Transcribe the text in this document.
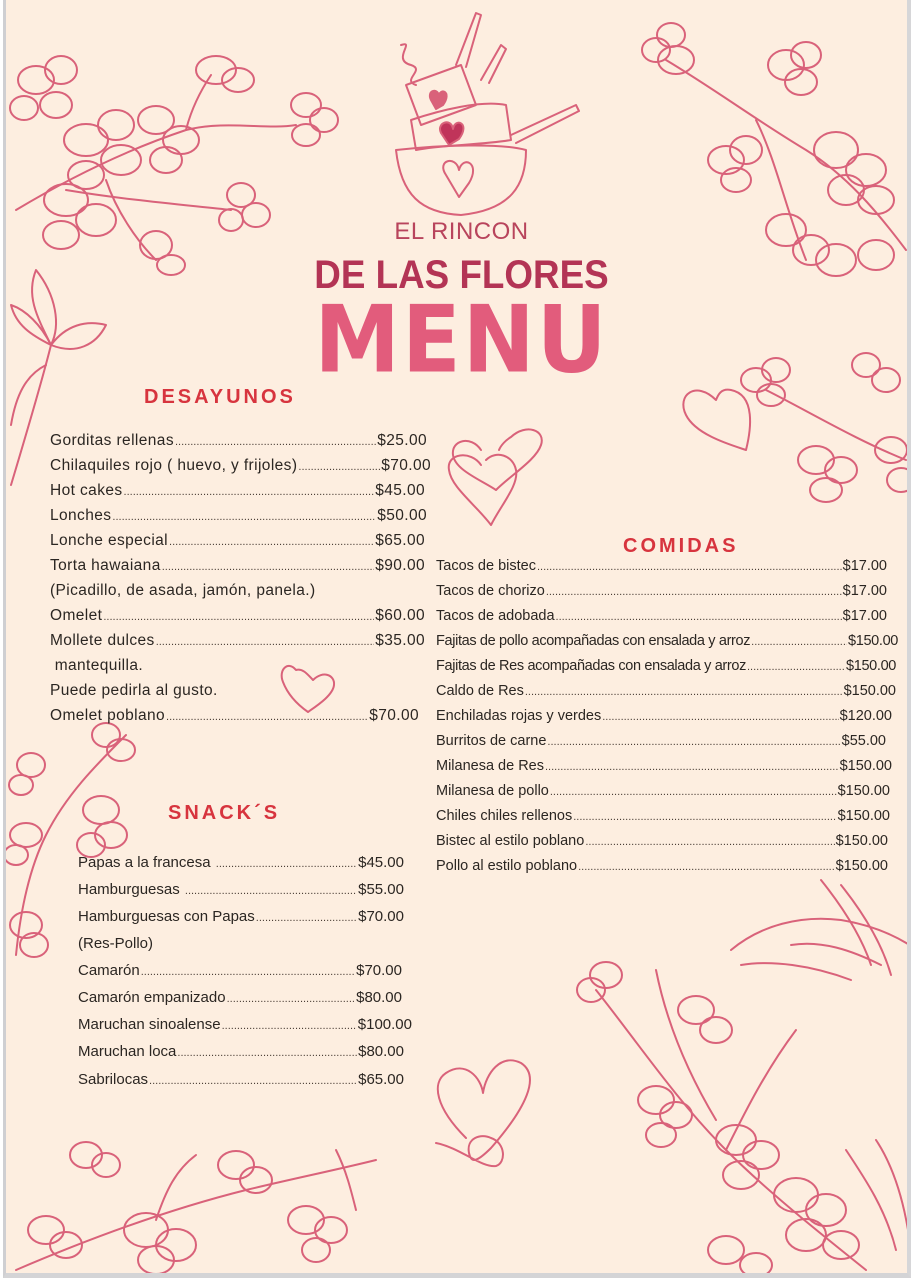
EL RINCON
DE LAS FLORES
MENU
DESAYUNOS
Gorditas rellenas .....	$25.00
Chilaquiles rojo ( huevo, y frijoles) .....	$70.00
Hot cakes .....	$45.00
Lonches .....	$50.00
Lonche especial .....	$65.00
Torta hawaiana .....	$90.00
(Picadillo, de asada, jamón, panela.)
Omelet .....	$60.00
Mollete dulces .....	$35.00
mantequilla.
Puede pedirla al gusto.
Omelet poblano .....	$70.00
SNACK´S
Papas a la francesa .....	$45.00
Hamburguesas .....	$55.00
Hamburguesas con Papas .....	$70.00
(Res-Pollo)
Camarón .....	$70.00
Camarón empanizado .....	$80.00
Maruchan sinoalense .....	$100.00
Maruchan loca .....	$80.00
Sabrilocas .....	$65.00
COMIDAS
Tacos de bistec .....	$17.00
Tacos de chorizo .....	$17.00
Tacos de adobada .....	$17.00
Fajitas de pollo acompañadas con ensalada y arroz .....	$150.00
Fajitas de Res acompañadas con ensalada y arroz .....	$150.00
Caldo de Res .....	$150.00
Enchiladas rojas y verdes .....	$120.00
Burritos de carne .....	$55.00
Milanesa de Res .....	$150.00
Milanesa de pollo .....	$150.00
Chiles chiles rellenos .....	$150.00
Bistec al estilo poblano .....	$150.00
Pollo al estilo poblano .....	$150.00
